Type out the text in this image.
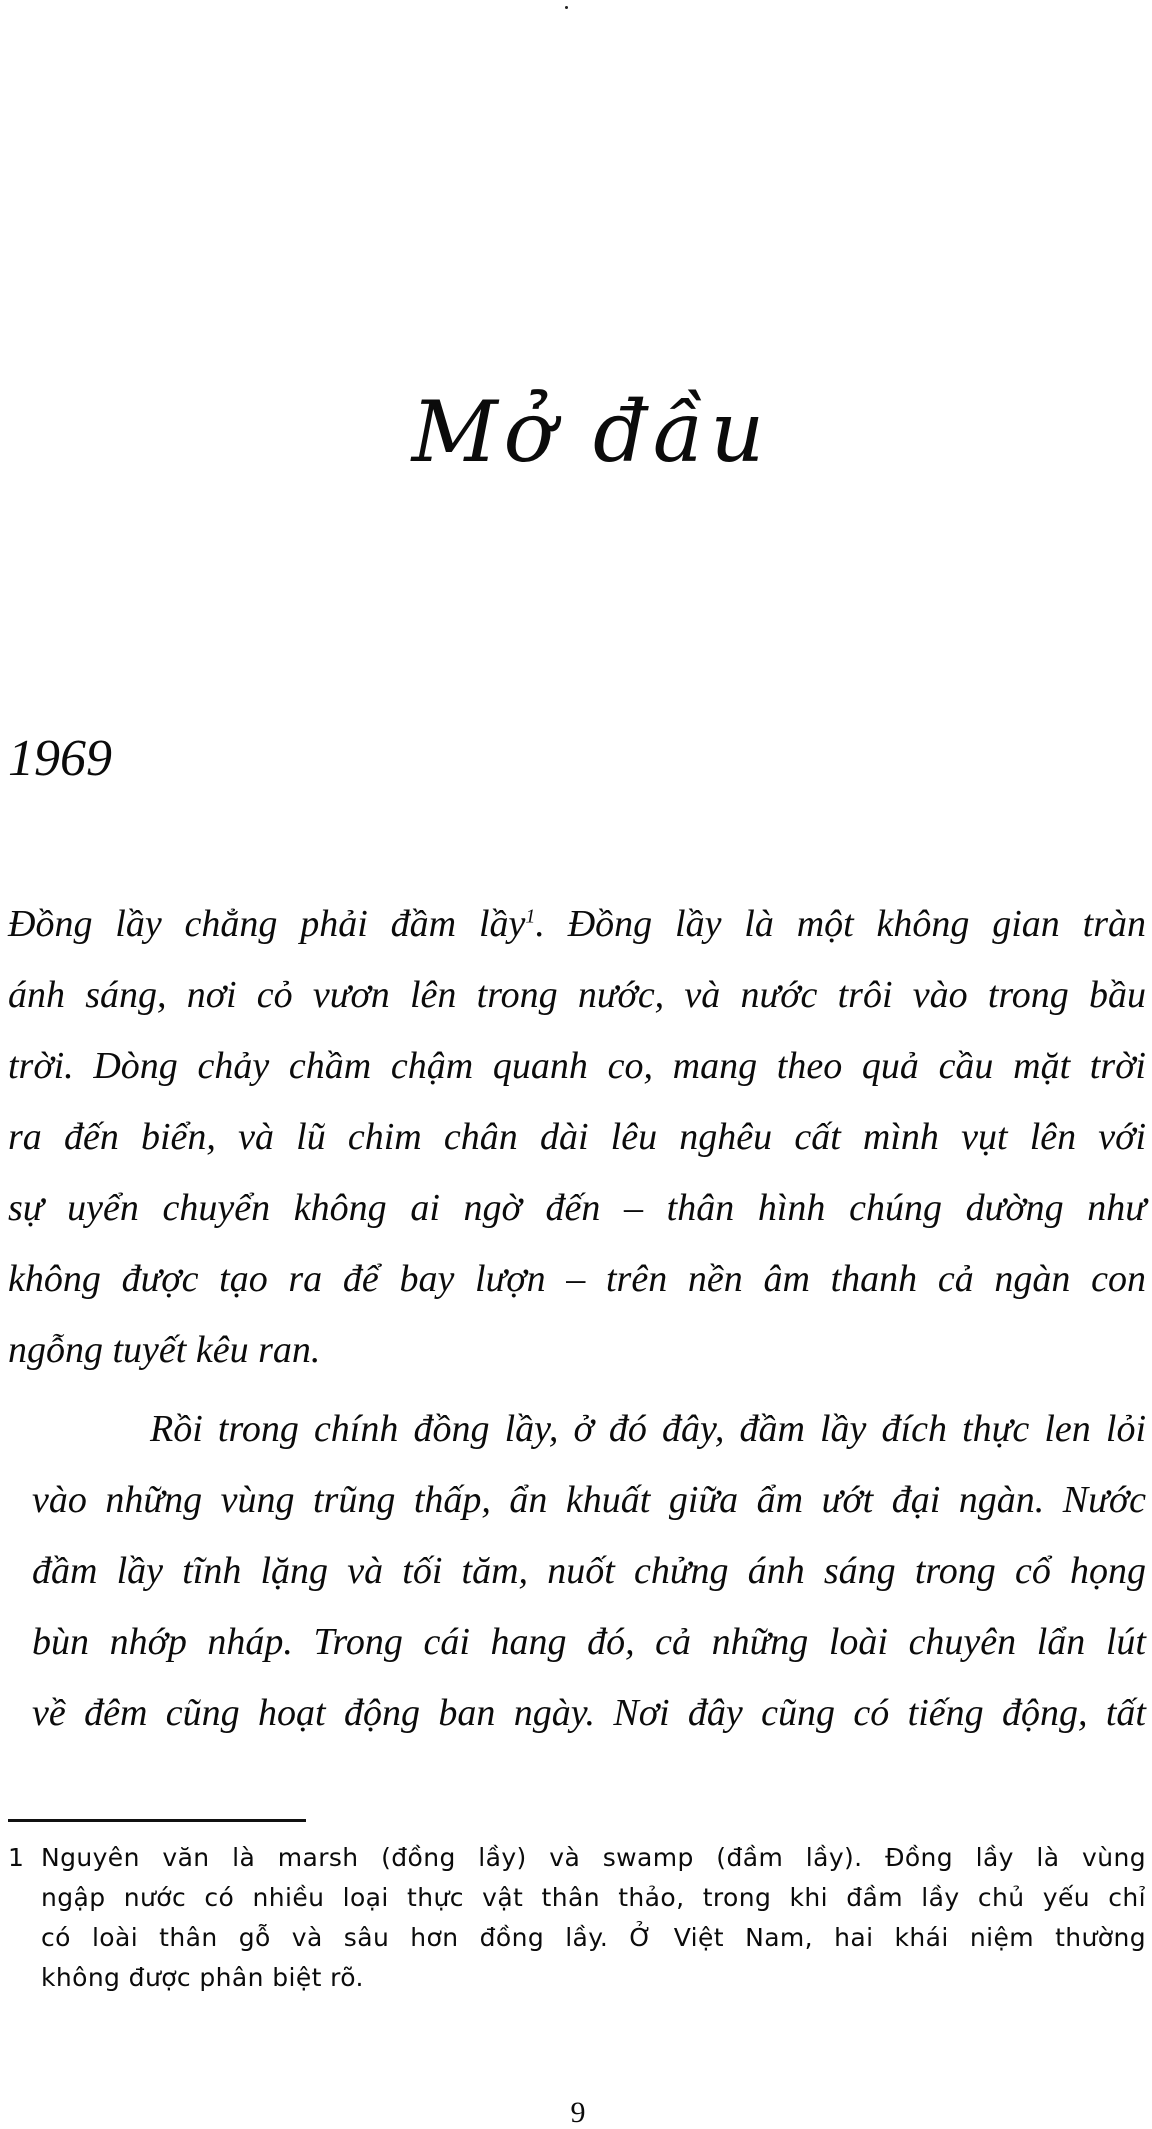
Mở đầu
1969

Đồng lầy chẳng phải đầm lầy$^1$. Đồng lầy là một không gian tràn
ánh sáng, nơi cỏ vươn lên trong nước, và nước trôi vào trong bầu
trời. Dòng chảy chầm chậm quanh co, mang theo quả cầu mặt trời
ra đến biển, và lũ chim chân dài lêu nghêu cất mình vụt lên với
sự uyển chuyển không ai ngờ đến – thân hình chúng dường như
không được tạo ra để bay lượn – trên nền âm thanh cả ngàn con
ngỗng tuyết kêu ran.

Rồi trong chính đồng lầy, ở đó đây, đầm lầy đích thực len lỏi
vào những vùng trũng thấp, ẩn khuất giữa ẩm ướt đại ngàn. Nước
đầm lầy tĩnh lặng và tối tăm, nuốt chửng ánh sáng trong cổ họng
bùn nhớp nháp. Trong cái hang đó, cả những loài chuyên lẩn lút
về đêm cũng hoạt động ban ngày. Nơi đây cũng có tiếng động, tất

1 Nguyên văn là marsh (đồng lầy) và swamp (đầm lầy). Đồng lầy là vùng
ngập nước có nhiều loại thực vật thân thảo, trong khi đầm lầy chủ yếu chỉ
có loài thân gỗ và sâu hơn đồng lầy. Ở Việt Nam, hai khái niệm thường
không được phân biệt rõ.
9
